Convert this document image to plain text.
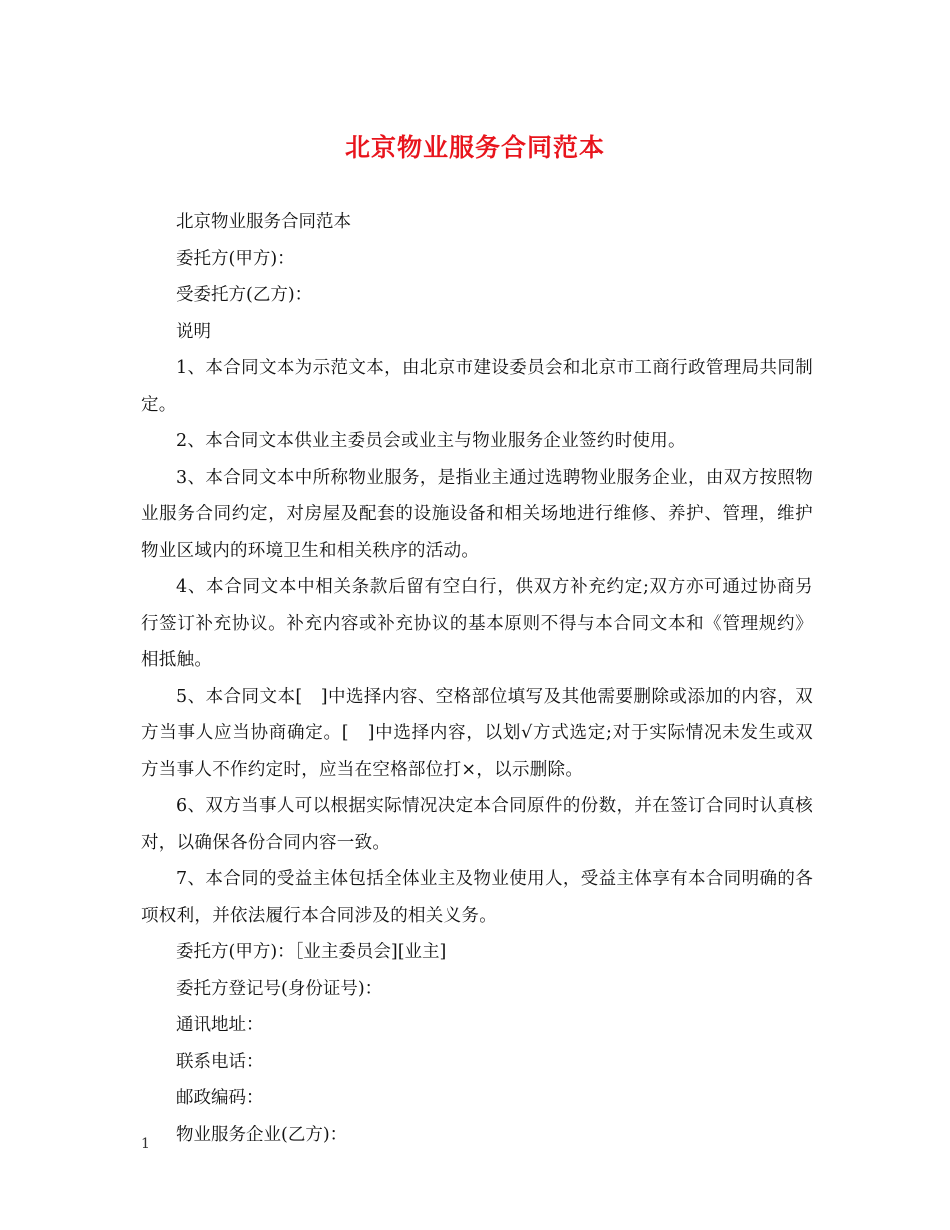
北京物业服务合同范本
北京物业服务合同范本
委托方(甲方)：
受委托方(乙方)：
说明
1、本合同文本为示范文本，由北京市建设委员会和北京市工商行政管理局共同制定。
2、本合同文本供业主委员会或业主与物业服务企业签约时使用。
3、本合同文本中所称物业服务，是指业主通过选聘物业服务企业，由双方按照物业服务合同约定，对房屋及配套的设施设备和相关场地进行维修、养护、管理，维护物业区域内的环境卫生和相关秩序的活动。
4、本合同文本中相关条款后留有空白行，供双方补充约定;双方亦可通过协商另行签订补充协议。补充内容或补充协议的基本原则不得与本合同文本和《管理规约》相抵触。
5、本合同文本[　]中选择内容、空格部位填写及其他需要删除或添加的内容，双方当事人应当协商确定。[　]中选择内容，以划√方式选定;对于实际情况未发生或双方当事人不作约定时，应当在空格部位打×，以示删除。
6、双方当事人可以根据实际情况决定本合同原件的份数，并在签订合同时认真核对，以确保各份合同内容一致。
7、本合同的受益主体包括全体业主及物业使用人，受益主体享有本合同明确的各项权利，并依法履行本合同涉及的相关义务。
委托方(甲方)：［业主委员会][业主]
委托方登记号(身份证号)：
通讯地址：
联系电话：
邮政编码：
物业服务企业(乙方)：
1
